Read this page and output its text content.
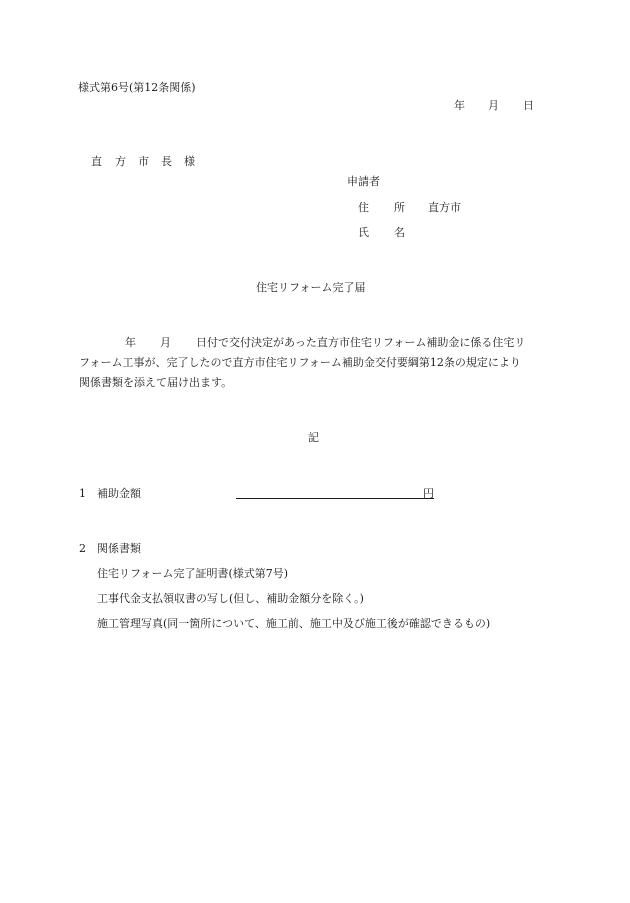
様式第6号(第12条関係)
年 月 日
直 方 市 長 様
申請者
住 所 直方市
氏 名
住宅リフォーム完了届
年 月 日付で交付決定があった直方市住宅リフォーム補助金に係る住宅リ
フォーム工事が、完了したので直方市住宅リフォーム補助金交付要綱第12条の規定により
関係書類を添えて届け出ます。
記
1 補助金額	円
2 関係書類
住宅リフォーム完了証明書(様式第7号)
工事代金支払領収書の写し(但し、補助金額分を除く。)
施工管理写真(同一箇所について、施工前、施工中及び施工後が確認できるもの)
